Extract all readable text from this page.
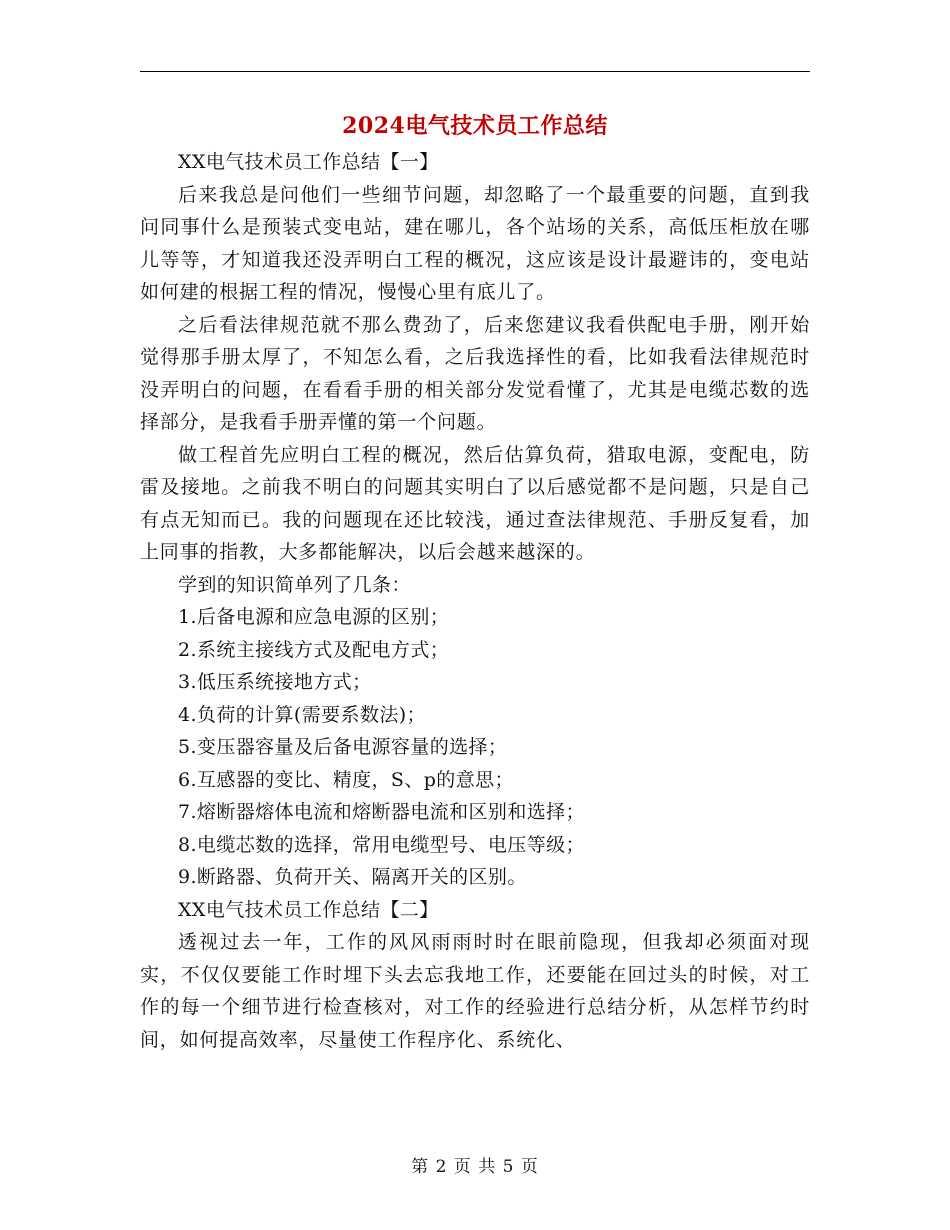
2024电气技术员工作总结

XX电气技术员工作总结【一】

后来我总是问他们一些细节问题，却忽略了一个最重要的问题，直到我问同事什么是预装式变电站，建在哪儿，各个站场的关系，高低压柜放在哪儿等等，才知道我还没弄明白工程的概况，这应该是设计最避讳的，变电站如何建的根据工程的情况，慢慢心里有底儿了。

之后看法律规范就不那么费劲了，后来您建议我看供配电手册，刚开始觉得那手册太厚了，不知怎么看，之后我选择性的看，比如我看法律规范时没弄明白的问题，在看看手册的相关部分发觉看懂了，尤其是电缆芯数的选择部分，是我看手册弄懂的第一个问题。

做工程首先应明白工程的概况，然后估算负荷，猎取电源，变配电，防雷及接地。之前我不明白的问题其实明白了以后感觉都不是问题，只是自己有点无知而已。我的问题现在还比较浅，通过查法律规范、手册反复看，加上同事的指教，大多都能解决，以后会越来越深的。

学到的知识简单列了几条：

1.后备电源和应急电源的区别；

2.系统主接线方式及配电方式；

3.低压系统接地方式；

4.负荷的计算(需要系数法)；

5.变压器容量及后备电源容量的选择；

6.互感器的变比、精度，S、p的意思；

7.熔断器熔体电流和熔断器电流和区别和选择；

8.电缆芯数的选择，常用电缆型号、电压等级；

9.断路器、负荷开关、隔离开关的区别。

XX电气技术员工作总结【二】

透视过去一年，工作的风风雨雨时时在眼前隐现，但我却必须面对现实，不仅仅要能工作时埋下头去忘我地工作，还要能在回过头的时候，对工作的每一个细节进行检查核对，对工作的经验进行总结分析，从怎样节约时间，如何提高效率，尽量使工作程序化、系统化、

第 2 页 共 5 页
